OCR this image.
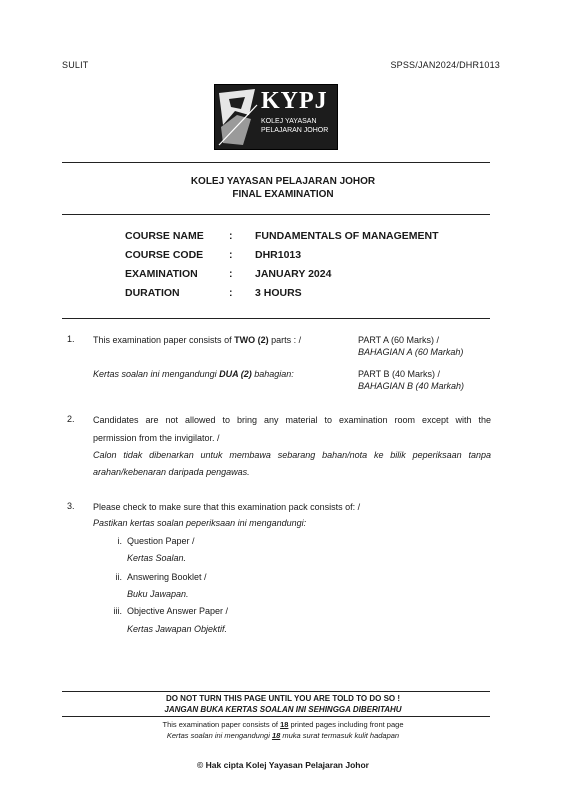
SULIT	SPSS/JAN2024/DHR1013
KYPJ
KOLEJ YAYASAN
PELAJARAN JOHOR
KOLEJ YAYASAN PELAJARAN JOHOR
FINAL EXAMINATION
COURSE NAME : FUNDAMENTALS OF MANAGEMENT
COURSE CODE : DHR1013
EXAMINATION	: JANUARY 2024
DURATION	: 3 HOURS
1. This examination paper consists of TWO (2) parts : /	PART A (60 Marks) /
BAHAGIAN A (60 Markah)
Kertas soalan ini mengandungi DUA (2) bahagian:	PART B (40 Marks) /
BAHAGIAN B (40 Markah)
2. Candidates are not allowed to bring any material to examination room except with the
permission from the invigilator. /
Calon tidak dibenarkan untuk membawa sebarang bahan/nota ke bilik peperiksaan tanpa
arahan/kebenaran daripada pengawas.
3. Please check to make sure that this examination pack consists of: /
Pastikan kertas soalan peperiksaan ini mengandungi:
i. Question Paper /
Kertas Soalan.
ii. Answering Booklet /
Buku Jawapan.
iii. Objective Answer Paper /
Kertas Jawapan Objektif.
DO NOT TURN THIS PAGE UNTIL YOU ARE TOLD TO DO SO !
JANGAN BUKA KERTAS SOALAN INI SEHINGGA DIBERITAHU
This examination paper consists of 18 printed pages including front page
Kertas soalan ini mengandungi 18 muka surat termasuk kulit hadapan
© Hak cipta Kolej Yayasan Pelajaran Johor
